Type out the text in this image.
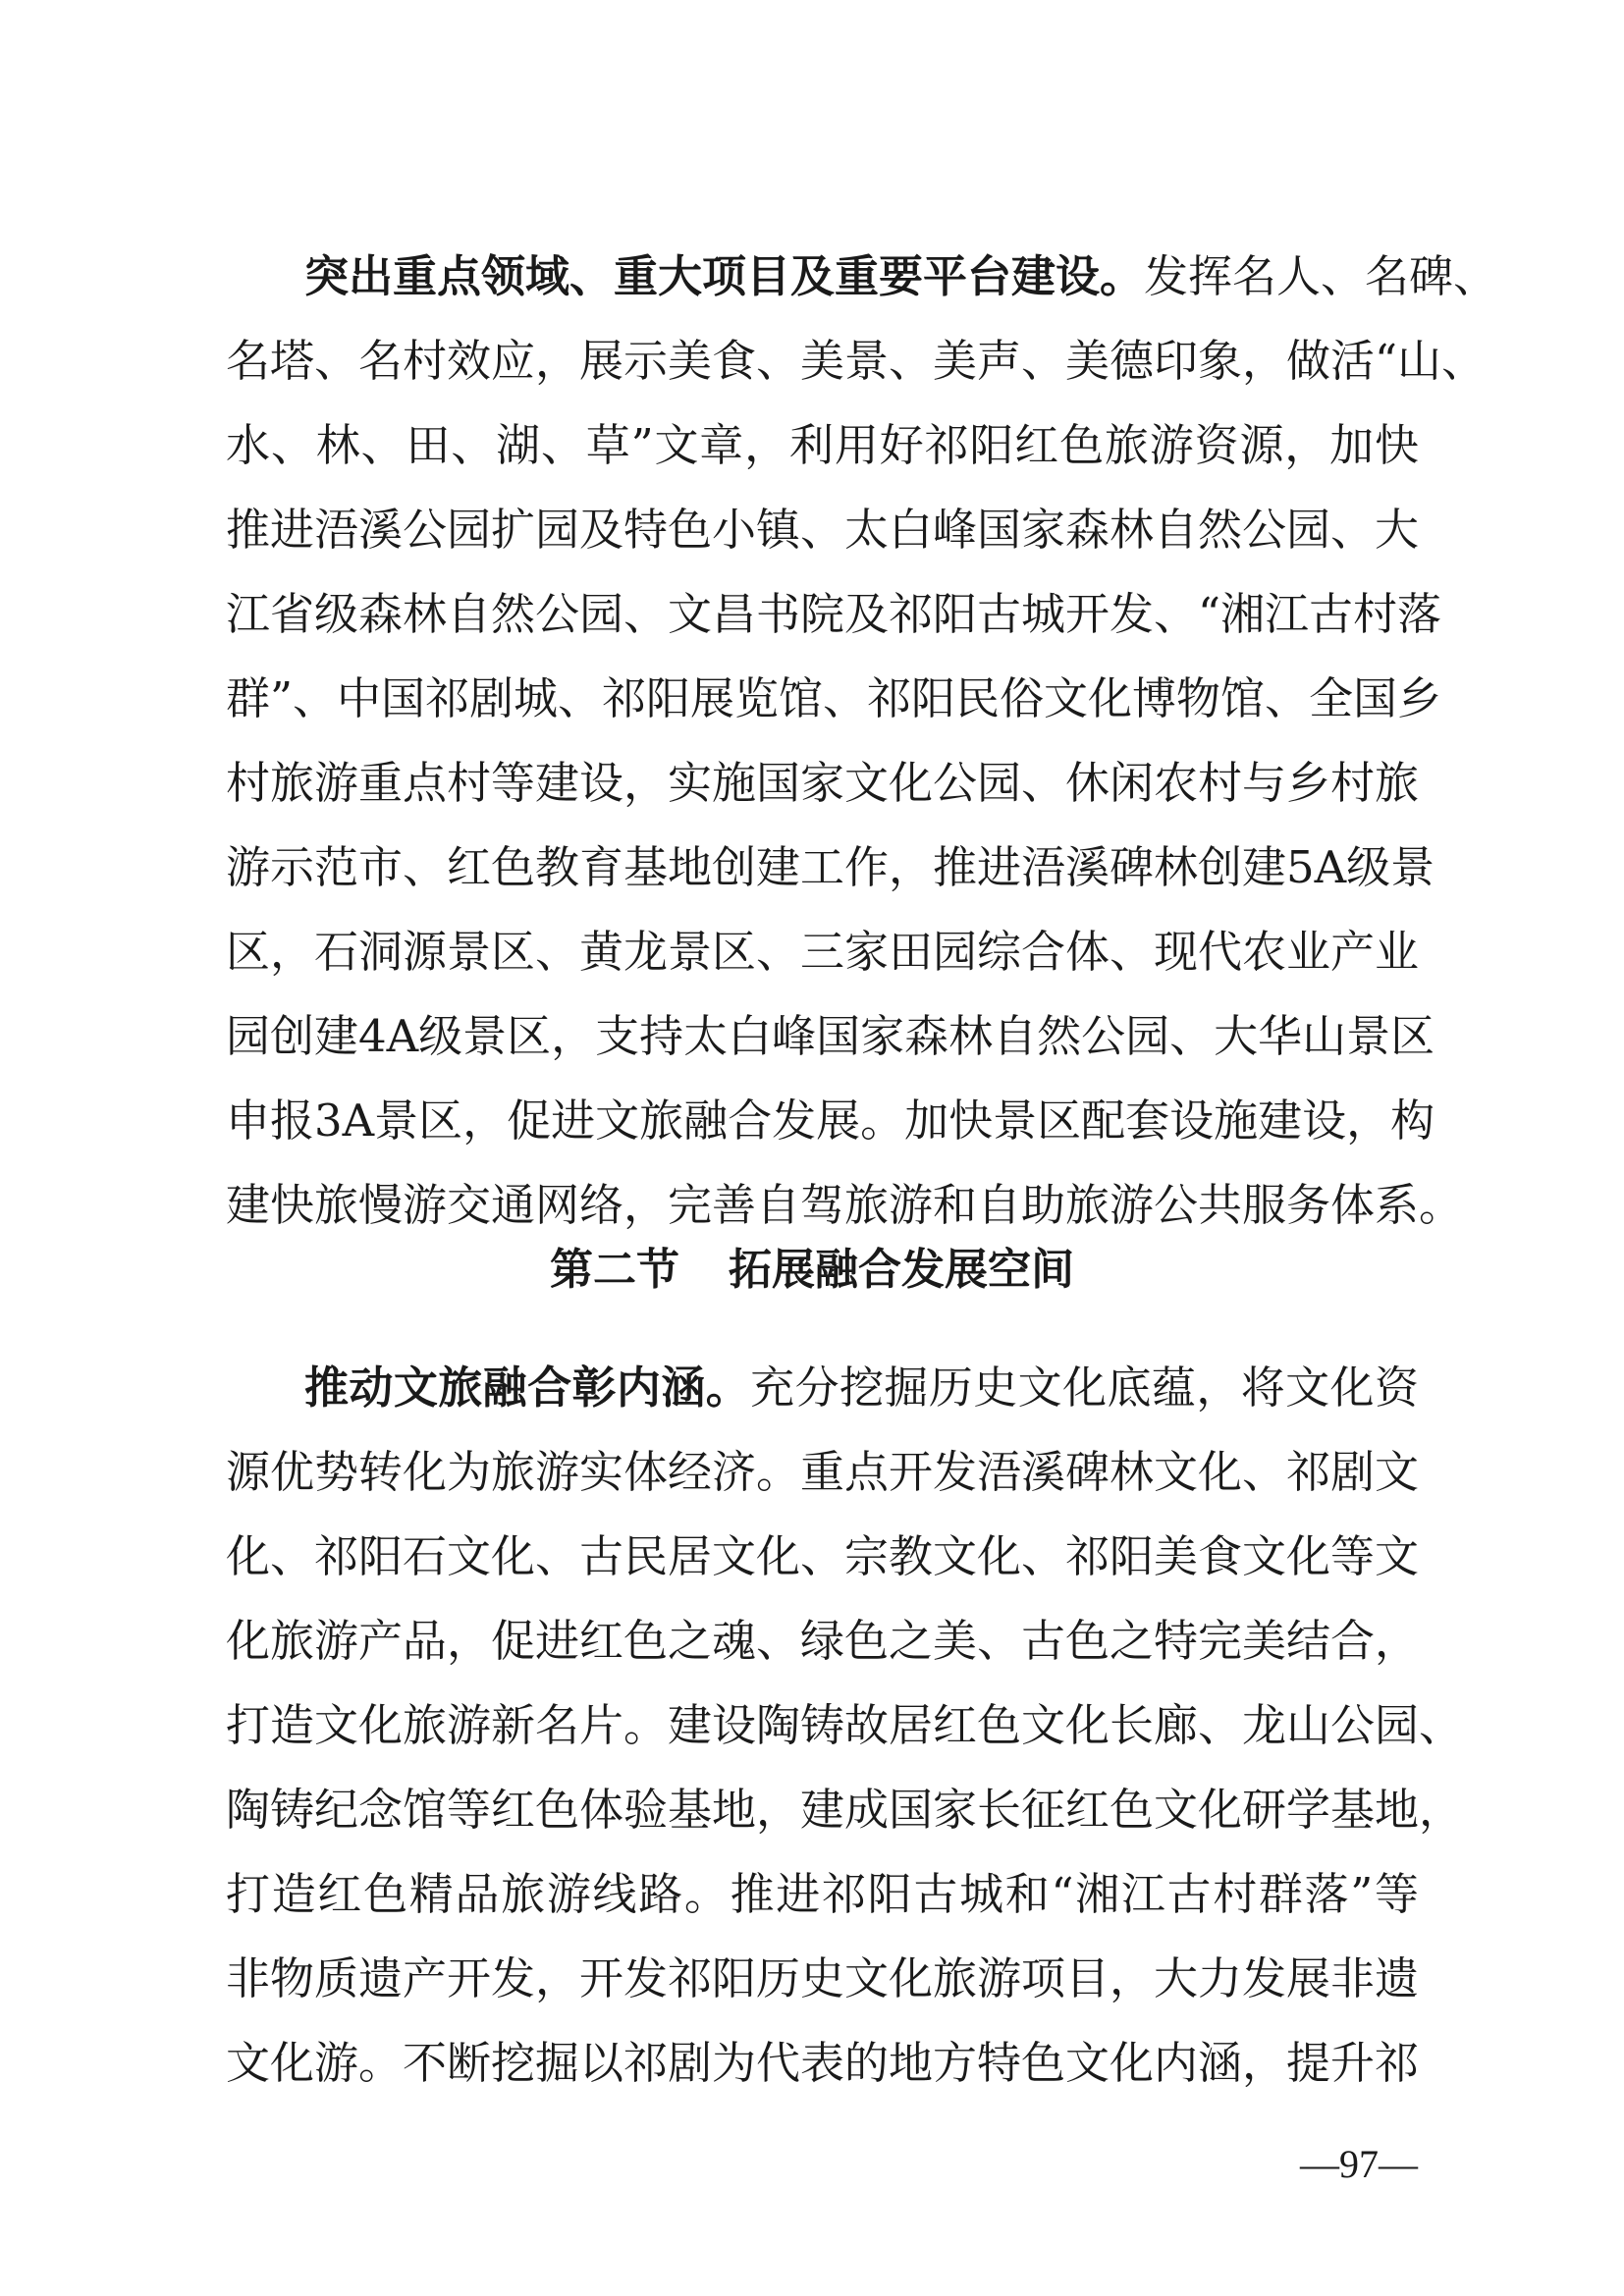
突出重点领域、重大项目及重要平台建设。发挥名人、名碑、
名塔、名村效应，展示美食、美景、美声、美德印象，做活“山、
水、林、田、湖、草”文章，利用好祁阳红色旅游资源，加快
推进浯溪公园扩园及特色小镇、太白峰国家森林自然公园、大
江省级森林自然公园、文昌书院及祁阳古城开发、“湘江古村落
群”、中国祁剧城、祁阳展览馆、祁阳民俗文化博物馆、全国乡
村旅游重点村等建设，实施国家文化公园、休闲农村与乡村旅
游示范市、红色教育基地创建工作，推进浯溪碑林创建5A级景
区，石洞源景区、黄龙景区、三家田园综合体、现代农业产业
园创建4A级景区，支持太白峰国家森林自然公园、大华山景区
申报3A景区，促进文旅融合发展。加快景区配套设施建设，构
建快旅慢游交通网络，完善自驾旅游和自助旅游公共服务体系。
第二节 拓展融合发展空间
推动文旅融合彰内涵。充分挖掘历史文化底蕴，将文化资
源优势转化为旅游实体经济。重点开发浯溪碑林文化、祁剧文
化、祁阳石文化、古民居文化、宗教文化、祁阳美食文化等文
化旅游产品，促进红色之魂、绿色之美、古色之特完美结合，
打造文化旅游新名片。建设陶铸故居红色文化长廊、龙山公园、
陶铸纪念馆等红色体验基地，建成国家长征红色文化研学基地，
打造红色精品旅游线路。推进祁阳古城和“湘江古村群落”等
非物质遗产开发，开发祁阳历史文化旅游项目，大力发展非遗
文化游。不断挖掘以祁剧为代表的地方特色文化内涵，提升祁
—97—
